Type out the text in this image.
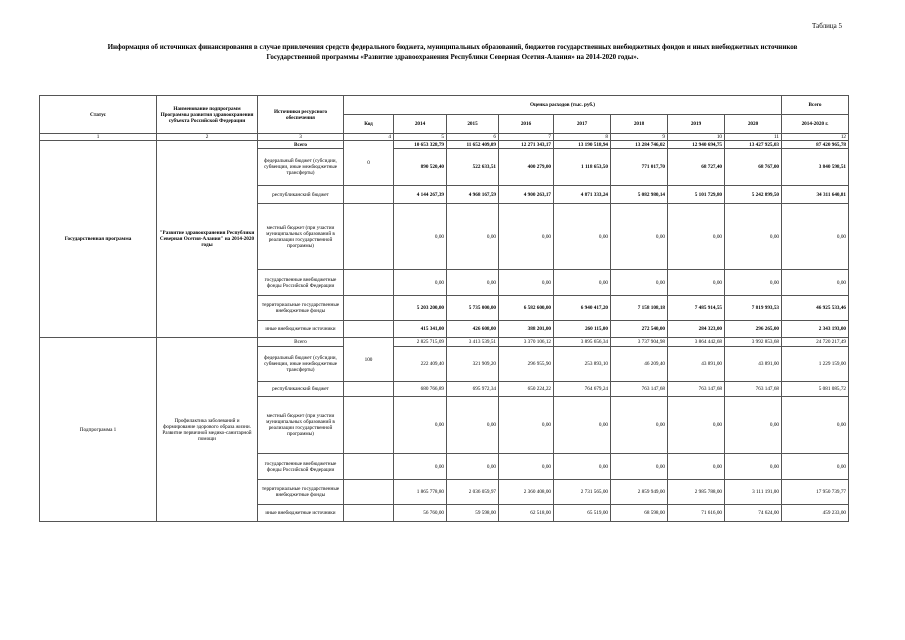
Таблица 5
Информация об источниках финансирования в случае привлечения средств федерального бюджета, муниципальных образований, бюджетов государственных внебюджетных фондов и иных внебюджетных источников
Государственной программы «Развитие здравоохранения Республики Северная Осетия-Алания» на 2014-2020 годы».
Статус	Наименование подпрограмм Программы развития здравоохранения субъекта Российской Федерации	Источники ресурсного обеспечения	Оценка расходов (тыс. руб.)								Всего
			Код	2014	2015	2016	2017	2018	2019	2020	2014-2020 г.
1	2	3	4	5	6	7	8	9	10	11	12
Государственная программа	"Развитие здравоохранения Республики Северная Осетия-Алания" на 2014-2020 годы	Всего	0	10 653 328,79	11 652 409,09	12 271 343,17	13 190 518,94	13 284 746,02	12 940 694,75	13 427 925,03	87 420 965,78
		федеральный бюджет (субсидии, субвенции, иные межбюджетные трансферты)		890 520,40	522 633,51	400 279,00	1 118 653,50	771 017,70	68 727,40	68 767,00	3 840 598,51
		республиканский бюджет		4 144 267,39	4 968 167,59	4 900 263,17	4 871 333,24	5 082 980,14	5 101 729,80	5 242 899,50	34 311 640,81
		местный бюджет (при участии муниципальных образований в реализации государственной программы)		0,00	0,00	0,00	0,00	0,00	0,00	0,00	0,00
		государственные внебюджетные фонды Российской Федерации		0,00	0,00	0,00	0,00	0,00	0,00	0,00	0,00
		территориальные государственные внебюджетные фонды		5 203 200,00	5 735 000,00	6 582 600,00	6 940 417,20	7 158 108,18	7 485 914,55	7 819 993,53	46 925 533,46
		иные внебюджетные источники		415 341,00	426 608,00	388 201,00	260 115,00	272 540,00	284 323,00	296 265,00	2 343 193,00
Подпрограмма 1	Профилактика заболеваний и формирование здорового образа жизни. Развитие первичной медико-санитарной помощи	Всего	100	2 825 715,09	3 413 539,51	3 370 106,12	3 895 656,34	3 737 904,98	3 864 442,68	3 992 853,68	24 720 217,49
		федеральный бюджет (субсидии, субвенции, иные межбюджетные трансферты)		222 409,40	321 909,20	296 955,90	253 893,10	46 209,40	43 891,00	43 891,00	1 229 159,00
		республиканский бюджет		680 766,89	695 972,34	650 224,22	764 679,24	763 147,68	763 147,68	763 147,68	5 081 085,72
		местный бюджет (при участии муниципальных образований в реализации государственной программы)		0,00	0,00	0,00	0,00	0,00	0,00	0,00	0,00
		государственные внебюджетные фонды Российской Федерации		0,00	0,00	0,00	0,00	0,00	0,00	0,00	0,00
		территориальные государственные внебюджетные фонды		1 865 778,80	2 036 059,97	2 360 408,00	2 731 565,00	2 859 949,00	2 985 788,00	3 111 191,00	17 950 739,77
		иные внебюджетные источники		56 760,00	59 598,00	62 518,00	65 519,00	68 598,00	71 616,00	74 624,00	459 233,00
